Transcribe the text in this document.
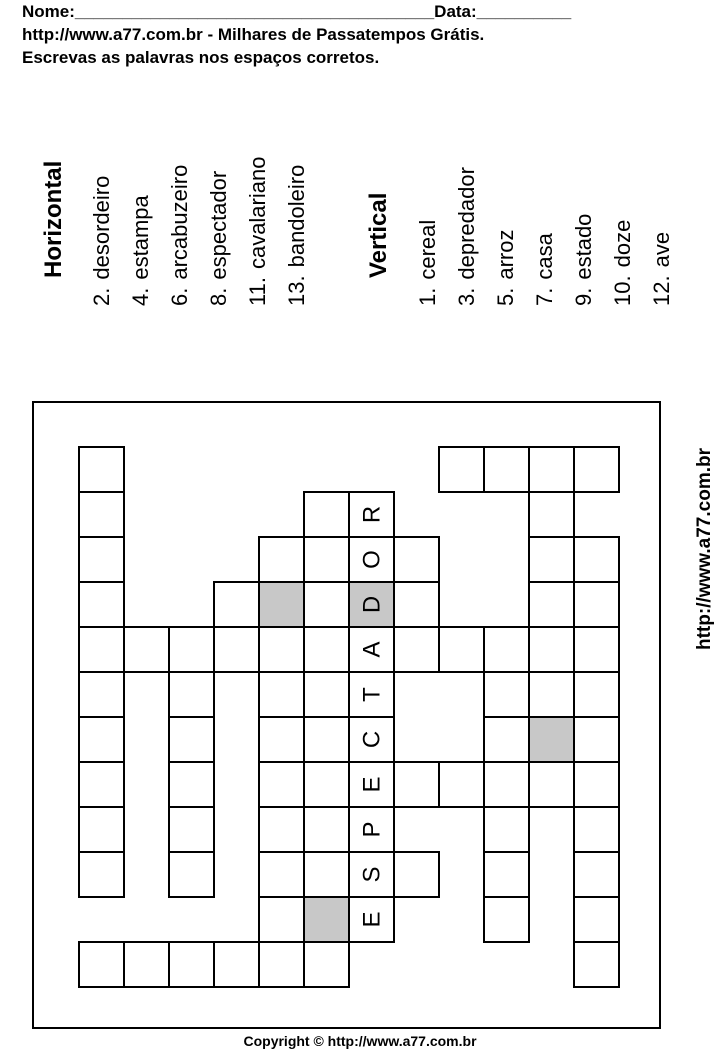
Nome:______________________________________Data:__________
http://www.a77.com.br - Milhares de Passatempos Grátis.
Escrevas as palavras nos espaços corretos.
Horizontal
2.desordeiro
4.estampa
6.arcabuzeiro
8.espectador
11.cavalariano
13.bandoleiro Vertical
1.cereal
3.depredador
5.arroz
7.casa
9.estado
10.doze
12.ave
R
O
D
A
T
C
E
P
S
E
http://www.a77.com.br
Copyright © http://www.a77.com.br
